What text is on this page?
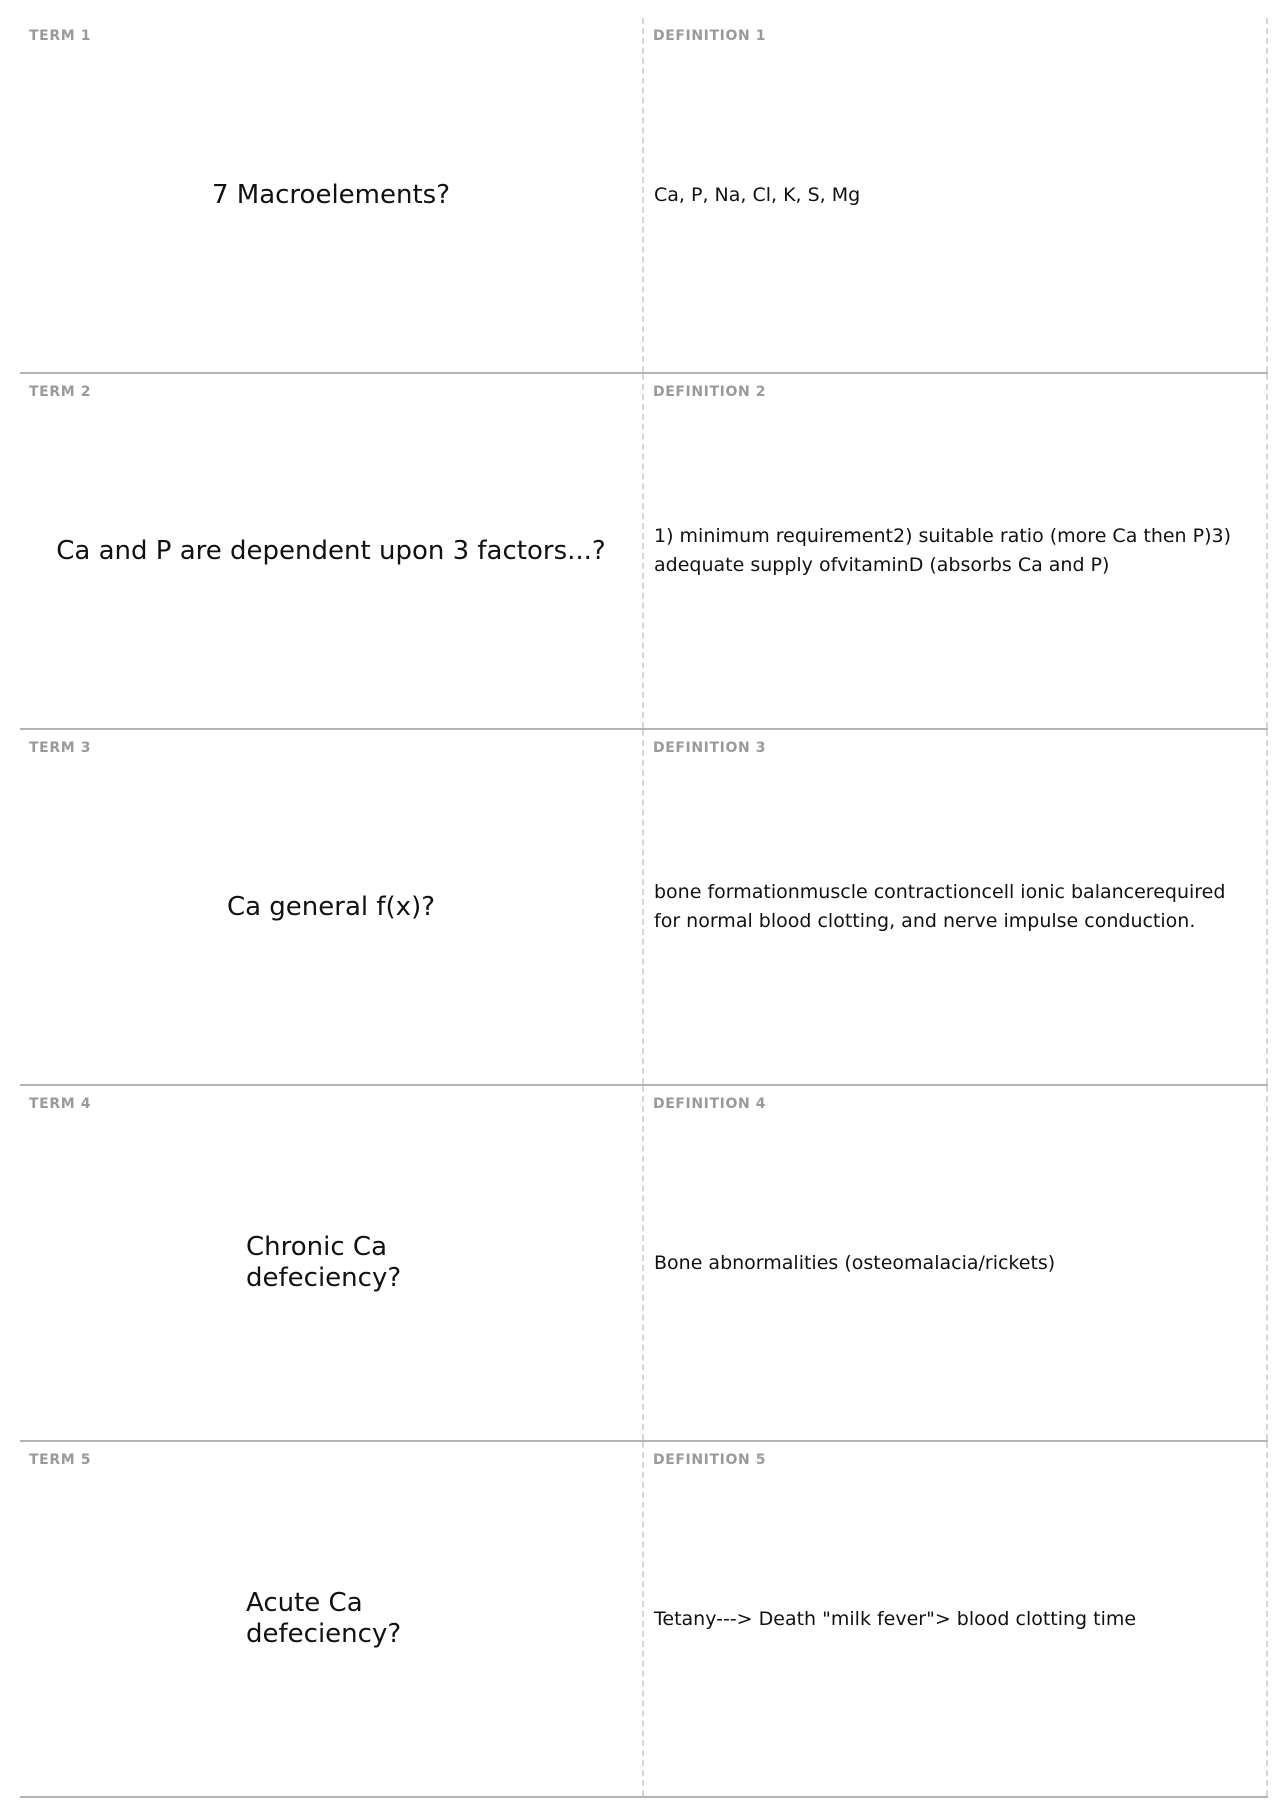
TERM 1
7 Macroelements?
DEFINITION 1
Ca, P, Na, Cl, K, S, Mg
TERM 2
Ca and P are dependent upon 3 factors...?
DEFINITION 2
1) minimum requirement2) suitable ratio (more Ca then P)3) adequate supply ofvitaminD (absorbs Ca and P)
TERM 3
Ca general f(x)?
DEFINITION 3
bone formationmuscle contractioncell ionic balancerequired for normal blood clotting, and nerve impulse conduction.
TERM 4
Chronic Ca defeciency?
DEFINITION 4
Bone abnormalities (osteomalacia/rickets)
TERM 5
Acute Ca defeciency?
DEFINITION 5
Tetany---> Death "milk fever"> blood clotting time
